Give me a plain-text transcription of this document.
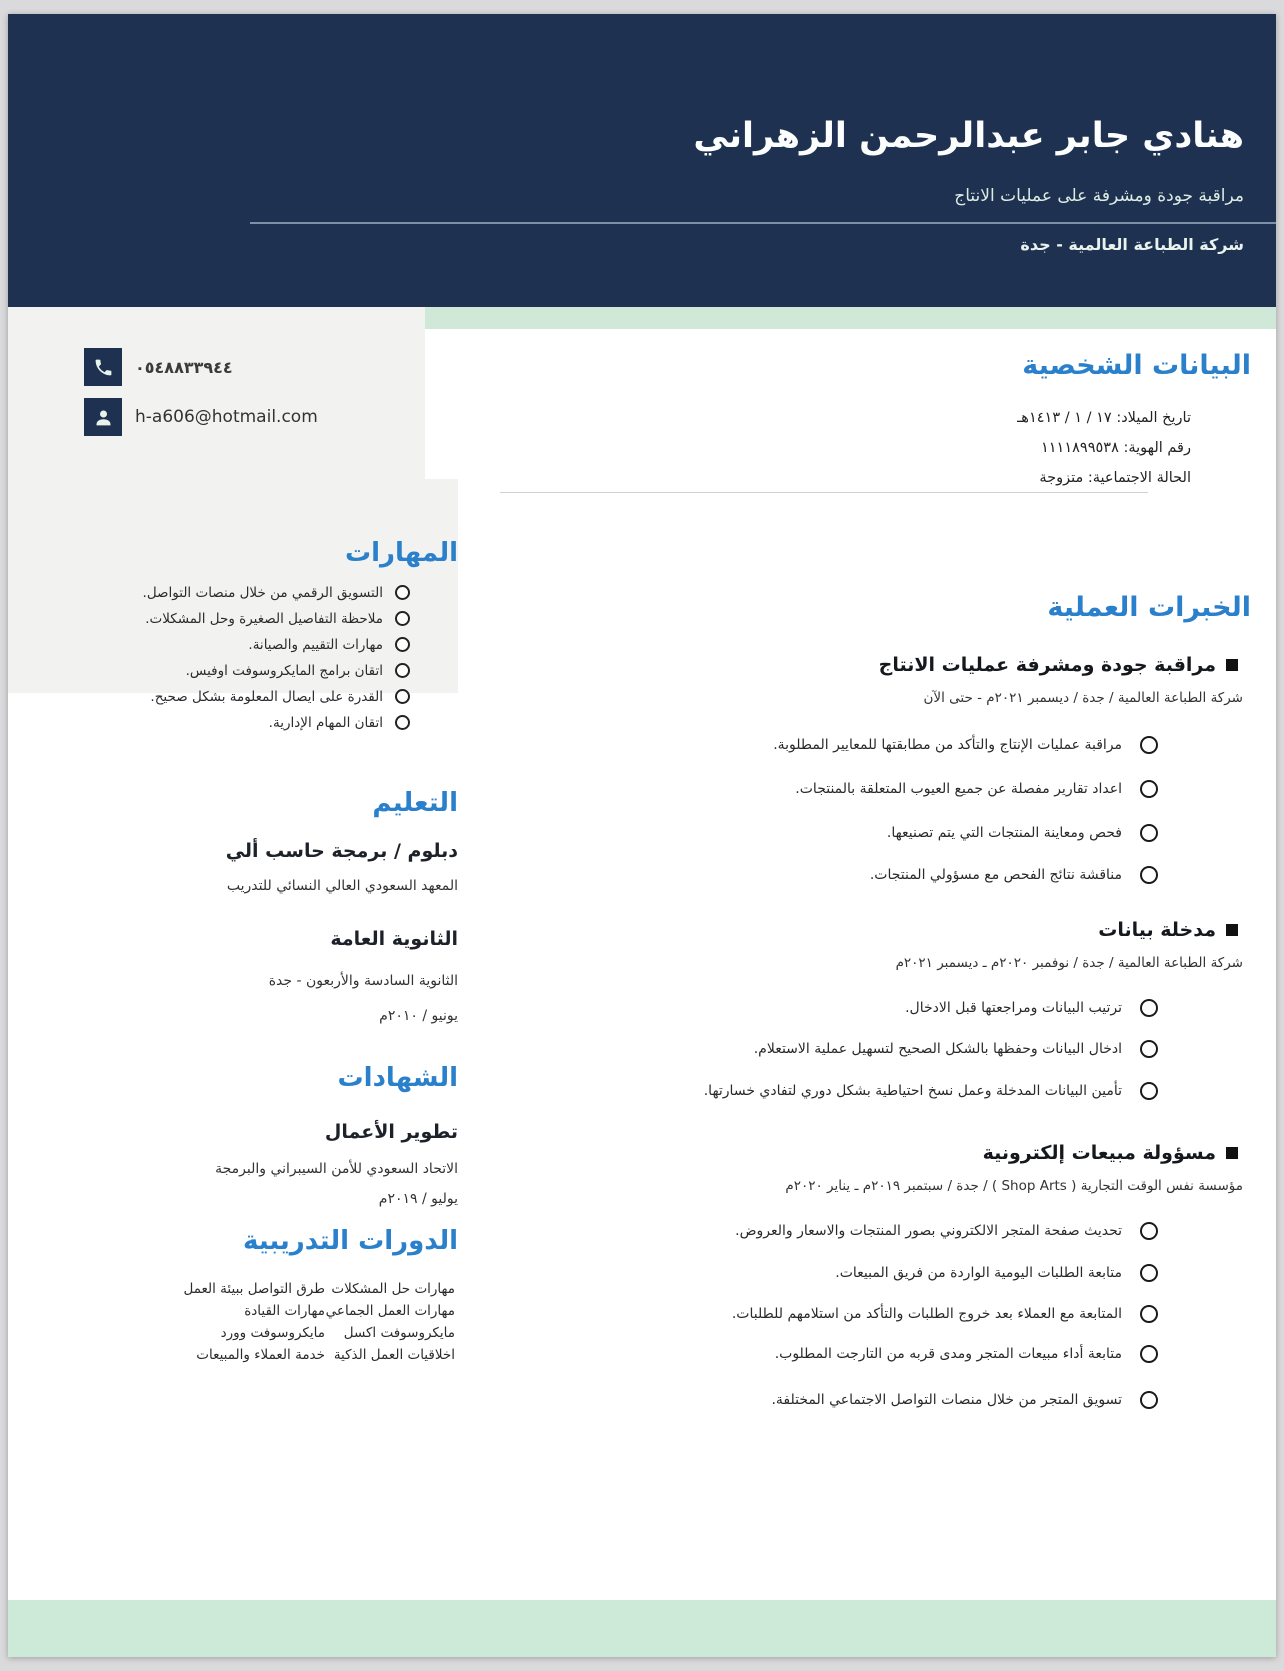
هنادي جابر عبدالرحمن الزهراني
مراقبة جودة ومشرفة على عمليات الانتاج
شركة الطباعة العالمية - جدة
٠٥٤٨٨٣٣٩٤٤
h-a606@hotmail.com
المهارات
التسويق الرقمي من خلال منصات التواصل.
ملاحظة التفاصيل الصغيرة وحل المشكلات.
مهارات التقييم والصيانة.
اتقان برامج المايكروسوفت اوفيس.
القدرة على ايصال المعلومة بشكل صحيح.
اتقان المهام الإدارية.
التعليم
دبلوم / برمجة حاسب ألي
المعهد السعودي العالي النسائي للتدريب
الثانوية العامة
الثانوية السادسة والأربعون - جدة
يونيو / ٢٠١٠م
الشهادات
تطوير الأعمال
الاتحاد السعودي للأمن السيبراني والبرمجة
يوليو / ٢٠١٩م
الدورات التدريبية
مهارات حل المشكلات
طرق التواصل ببيئة العمل
مهارات العمل الجماعي
مهارات القيادة
مايكروسوفت اكسل
مايكروسوفت وورد
اخلاقيات العمل الذكية
خدمة العملاء والمبيعات
البيانات الشخصية
تاريخ الميلاد: ١٧ / ١ / ١٤١٣هـ
رقم الهوية: ١١١١٨٩٩٥٣٨
الحالة الاجتماعية: متزوجة
الخبرات العملية
مراقبة جودة ومشرفة عمليات الانتاج
شركة الطباعة العالمية / جدة / ديسمبر ٢٠٢١م - حتى الآن
مراقبة عمليات الإنتاج والتأكد من مطابقتها للمعايير المطلوبة.
اعداد تقارير مفصلة عن جميع العيوب المتعلقة بالمنتجات.
فحص ومعاينة المنتجات التي يتم تصنيعها.
مناقشة نتائج الفحص مع مسؤولي المنتجات.
مدخلة بيانات
شركة الطباعة العالمية / جدة / نوفمبر ٢٠٢٠م ـ ديسمبر ٢٠٢١م
ترتيب البيانات ومراجعتها قبل الادخال.
ادخال البيانات وحفظها بالشكل الصحيح لتسهيل عملية الاستعلام.
تأمين البيانات المدخلة وعمل نسخ احتياطية بشكل دوري لتفادي خسارتها.
مسؤولة مبيعات إلكترونية
مؤسسة نفس الوقت التجارية ( Shop Arts ) / جدة / سبتمبر ٢٠١٩م ـ يناير ٢٠٢٠م
تحديث صفحة المتجر الالكتروني بصور المنتجات والاسعار والعروض.
متابعة الطلبات اليومية الواردة من فريق المبيعات.
المتابعة مع العملاء بعد خروج الطلبات والتأكد من استلامهم للطلبات.
متابعة أداء مبيعات المتجر ومدى قربه من التارجت المطلوب.
تسويق المتجر من خلال منصات التواصل الاجتماعي المختلفة.
